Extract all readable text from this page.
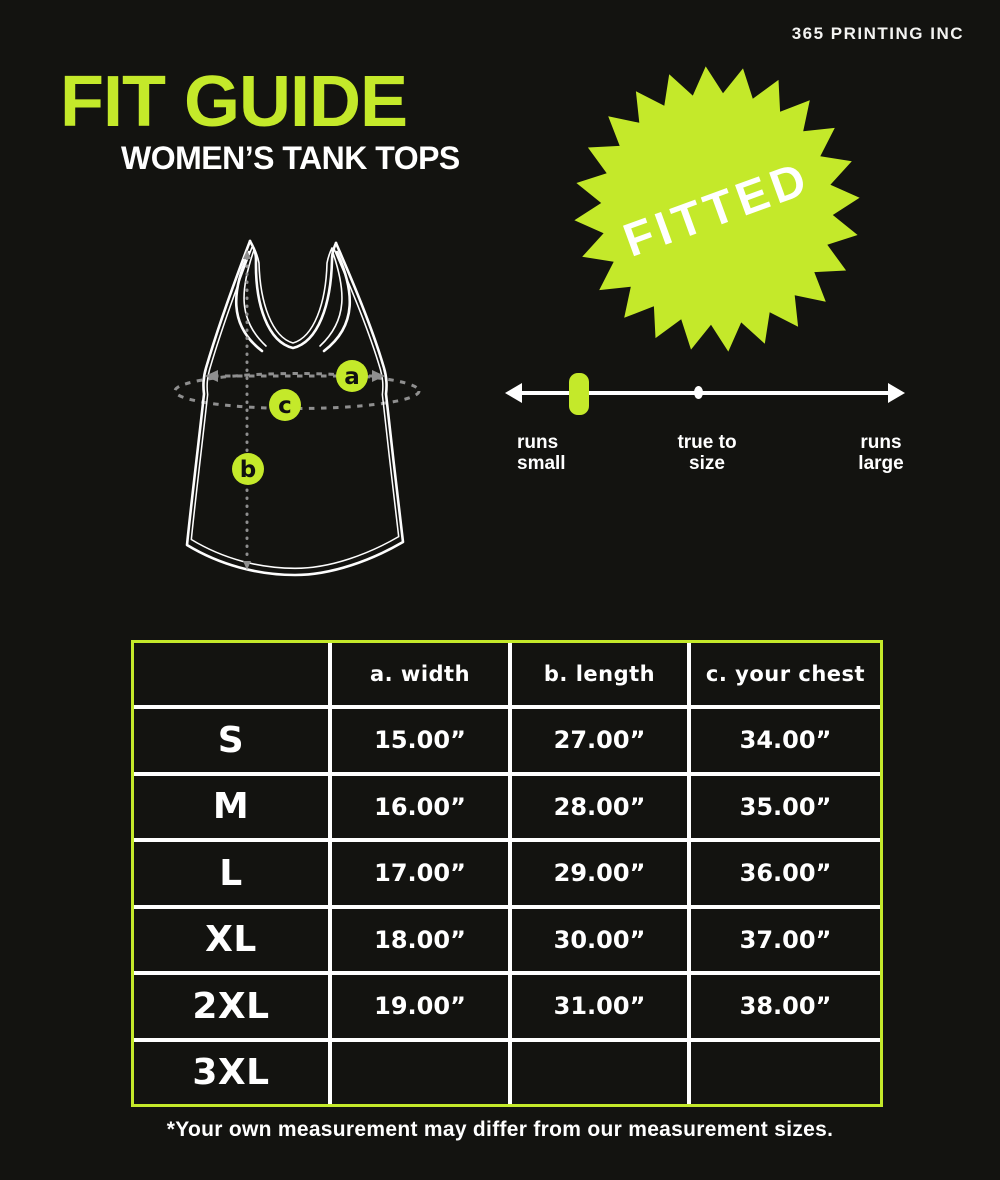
365 PRINTING INC
FIT GUIDE
WOMEN’S TANK TOPS	FITTED
a
c
b
runs
small
true to
size
runs
large
a. width	b. length	c. your chest
S	15.00”	27.00”	34.00”
M	16.00”	28.00”	35.00”
L	17.00”	29.00”	36.00”
XL	18.00”	30.00”	37.00”
2XL	19.00”	31.00”	38.00”
3XL
*Your own measurement may differ from our measurement sizes.
